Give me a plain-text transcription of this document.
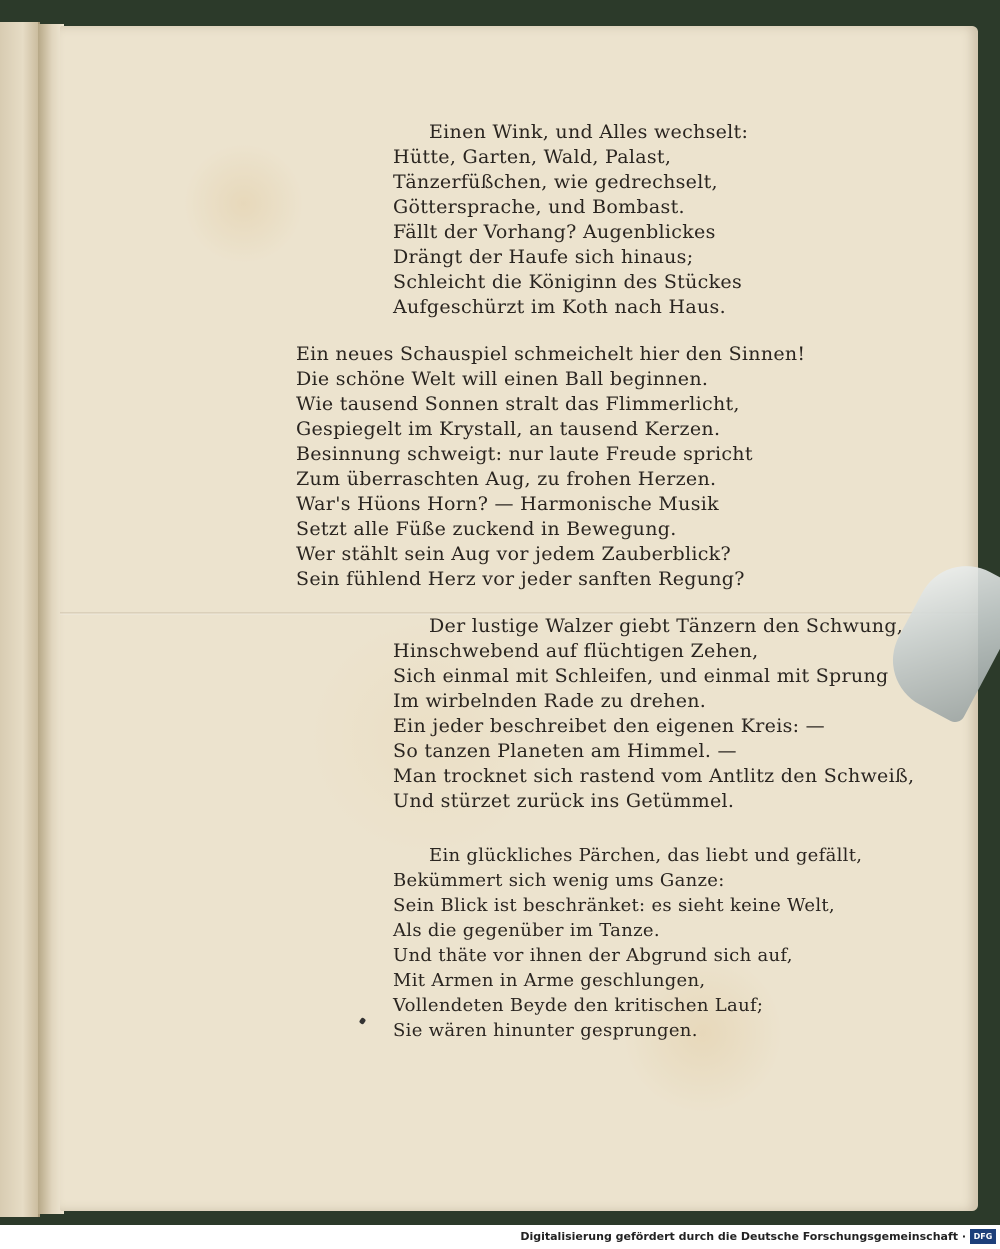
Einen Wink, und Alles wechselt:
Hütte, Garten, Wald, Palast,
Tänzerfüßchen, wie gedrechselt,
Göttersprache, und Bombast.
Fällt der Vorhang? Augenblickes
Drängt der Haufe sich hinaus;
Schleicht die Königinn des Stückes
Aufgeschürzt im Koth nach Haus.
Ein neues Schauspiel schmeichelt hier den Sinnen!
Die schöne Welt will einen Ball beginnen.
Wie tausend Sonnen stralt das Flimmerlicht,
Gespiegelt im Krystall, an tausend Kerzen.
Besinnung schweigt: nur laute Freude spricht
Zum überraschten Aug, zu frohen Herzen.
War's Hüons Horn? — Harmonische Musik
Setzt alle Füße zuckend in Bewegung.
Wer stählt sein Aug vor jedem Zauberblick?
Sein fühlend Herz vor jeder sanften Regung?
Der lustige Walzer giebt Tänzern den Schwung,
Hinschwebend auf flüchtigen Zehen,
Sich einmal mit Schleifen, und einmal mit Sprung
Im wirbelnden Rade zu drehen.
Ein jeder beschreibet den eigenen Kreis: —
So tanzen Planeten am Himmel. —
Man trocknet sich rastend vom Antlitz den Schweiß,
Und stürzet zurück ins Getümmel.
Ein glückliches Pärchen, das liebt und gefällt,
Bekümmert sich wenig ums Ganze:
Sein Blick ist beschränket: es sieht keine Welt,
Als die gegenüber im Tanze.
Und thäte vor ihnen der Abgrund sich auf,
Mit Armen in Arme geschlungen,
Vollendeten Beyde den kritischen Lauf;
Sie wären hinunter gesprungen.
Digitalisierung gefördert durch die Deutsche Forschungsgemeinschaft · DFG
